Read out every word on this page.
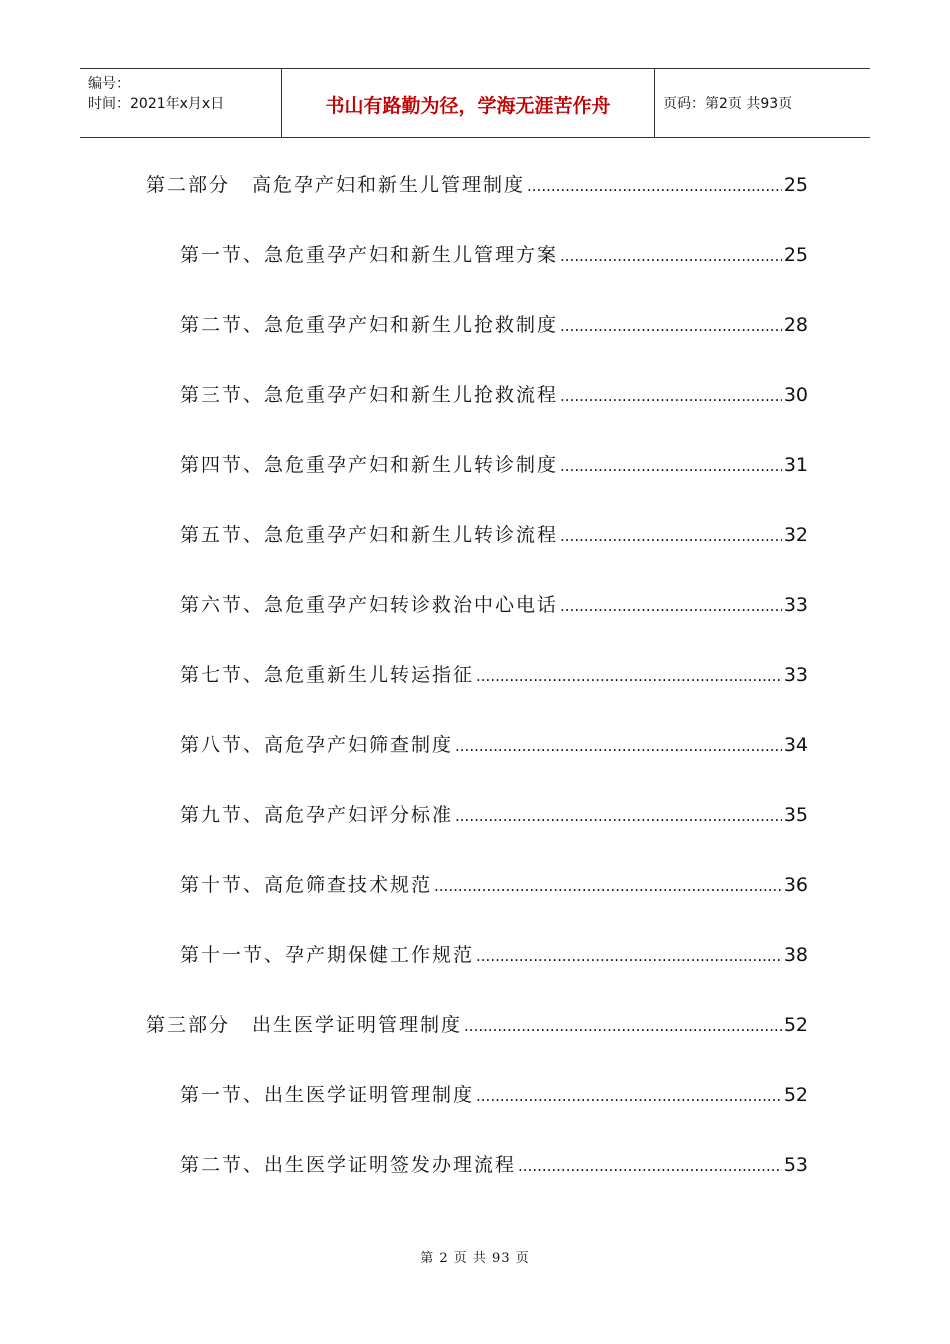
编号：
时间：2021年x月x日	书山有路勤为径，学海无涯苦作舟	页码：第2页 共93页
第二部分 高危孕产妇和新生儿管理制度 .....	25
第一节、急危重孕产妇和新生儿管理方案 .....	25
第二节、急危重孕产妇和新生儿抢救制度 .....	28
第三节、急危重孕产妇和新生儿抢救流程 .....	30
第四节、急危重孕产妇和新生儿转诊制度 .....	31
第五节、急危重孕产妇和新生儿转诊流程 .....	32
第六节、急危重孕产妇转诊救治中心电话 .....	33
第七节、急危重新生儿转运指征 .....	33
第八节、高危孕产妇筛查制度 .....	34
第九节、高危孕产妇评分标准 .....	35
第十节、高危筛查技术规范 .....	36
第十一节、孕产期保健工作规范 .....	38
第三部分 出生医学证明管理制度 .....	52
第一节、出生医学证明管理制度 .....	52
第二节、出生医学证明签发办理流程 .....	53
第 2 页 共 93 页
